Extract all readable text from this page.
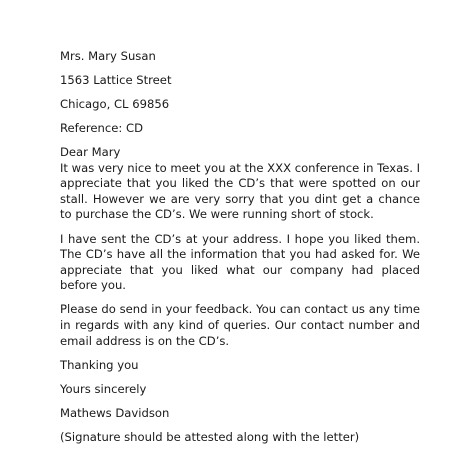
Mrs. Mary Susan

1563 Lattice Street

Chicago, CL 69856

Reference: CD

Dear Mary

It was very nice to meet you at the XXX conference in Texas. I appreciate that you liked the CD’s that were spotted on our stall. However we are very sorry that you dint get a chance to purchase the CD’s. We were running short of stock.

I have sent the CD’s at your address. I hope you liked them. The CD’s have all the information that you had asked for. We appreciate that you liked what our company had placed before you.

Please do send in your feedback. You can contact us any time in regards with any kind of queries. Our contact number and email address is on the CD’s.

Thanking you

Yours sincerely

Mathews Davidson

(Signature should be attested along with the letter)
